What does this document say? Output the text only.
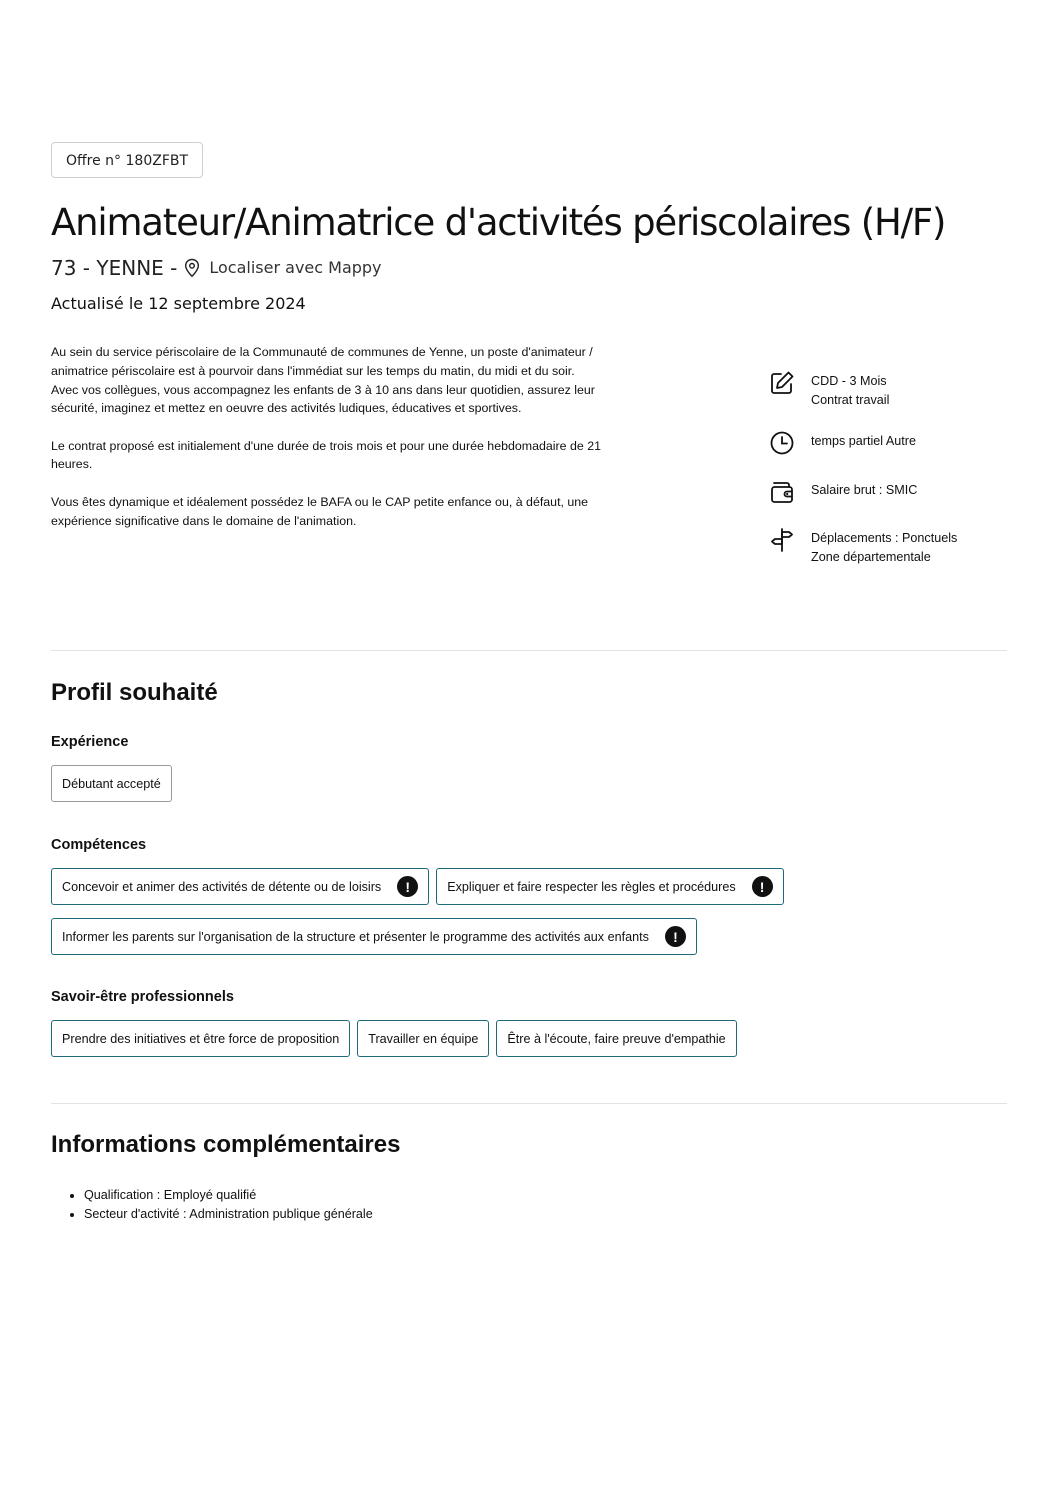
Offre n° 180ZFBT
Animateur/Animatrice d'activités périscolaires (H/F)
73 - YENNE - Localiser avec Mappy
Actualisé le 12 septembre 2024

Au sein du service périscolaire de la Communauté de communes de Yenne, un poste d'animateur /
animatrice périscolaire est à pourvoir dans l'immédiat sur les temps du matin, du midi et du soir.
Avec vos collègues, vous accompagnez les enfants de 3 à 10 ans dans leur quotidien, assurez leur
sécurité, imaginez et mettez en oeuvre des activités ludiques, éducatives et sportives.

Le contrat proposé est initialement d'une durée de trois mois et pour une durée hebdomadaire de 21
heures.

Vous êtes dynamique et idéalement possédez le BAFA ou le CAP petite enfance ou, à défaut, une
expérience significative dans le domaine de l'animation.

CDD - 3 Mois
Contrat travail
temps partiel Autre
Salaire brut : SMIC
Déplacements : Ponctuels
Zone départementale
Profil souhaité
Expérience
Débutant accepté
Compétences
Concevoir et animer des activités de détente ou de loisirs	!	Expliquer et faire respecter les règles et procédures	!
Informer les parents sur l'organisation de la structure et présenter le programme des activités aux enfants	!
Savoir-être professionnels
Prendre des initiatives et être force de proposition	Travailler en équipe	Être à l'écoute, faire preuve d'empathie
Informations complémentaires
• Qualification : Employé qualifié
• Secteur d'activité : Administration publique générale
